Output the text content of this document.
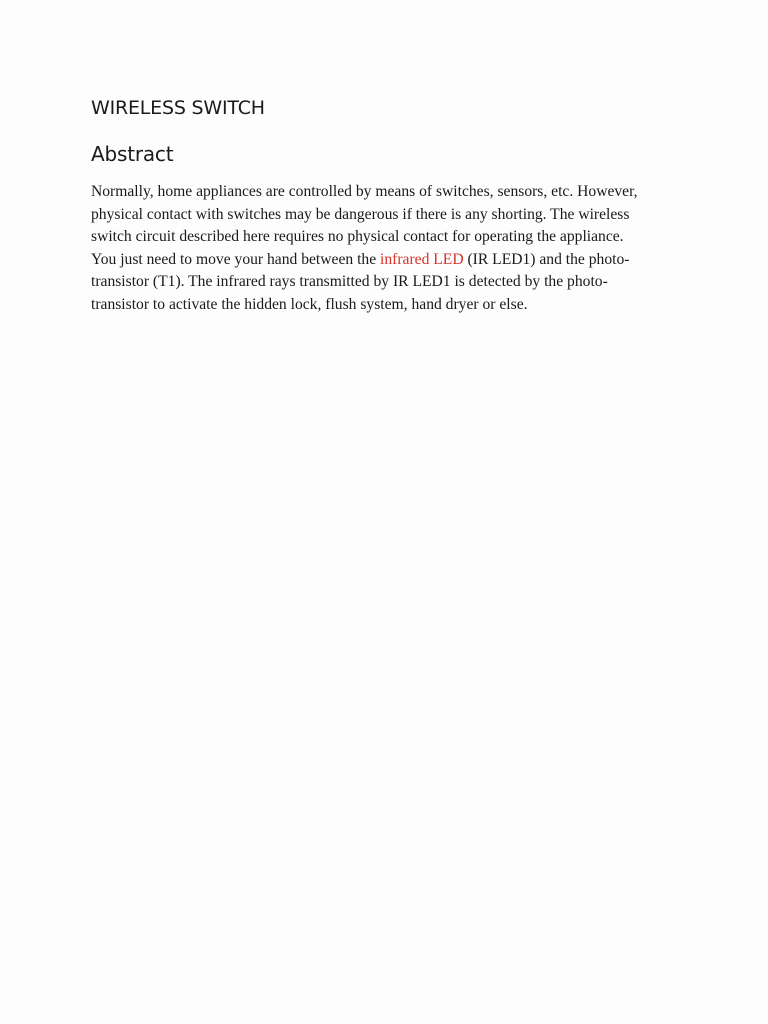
WIRELESS SWITCH
Abstract

Normally, home appliances are controlled by means of switches, sensors, etc. However,
physical contact with switches may be dangerous if there is any shorting. The wireless
switch circuit described here requires no physical contact for operating the appliance.
You just need to move your hand between the infrared LED (IR LED1) and the photo-
transistor (T1). The infrared rays transmitted by IR LED1 is detected by the photo-
transistor to activate the hidden lock, flush system, hand dryer or else.
